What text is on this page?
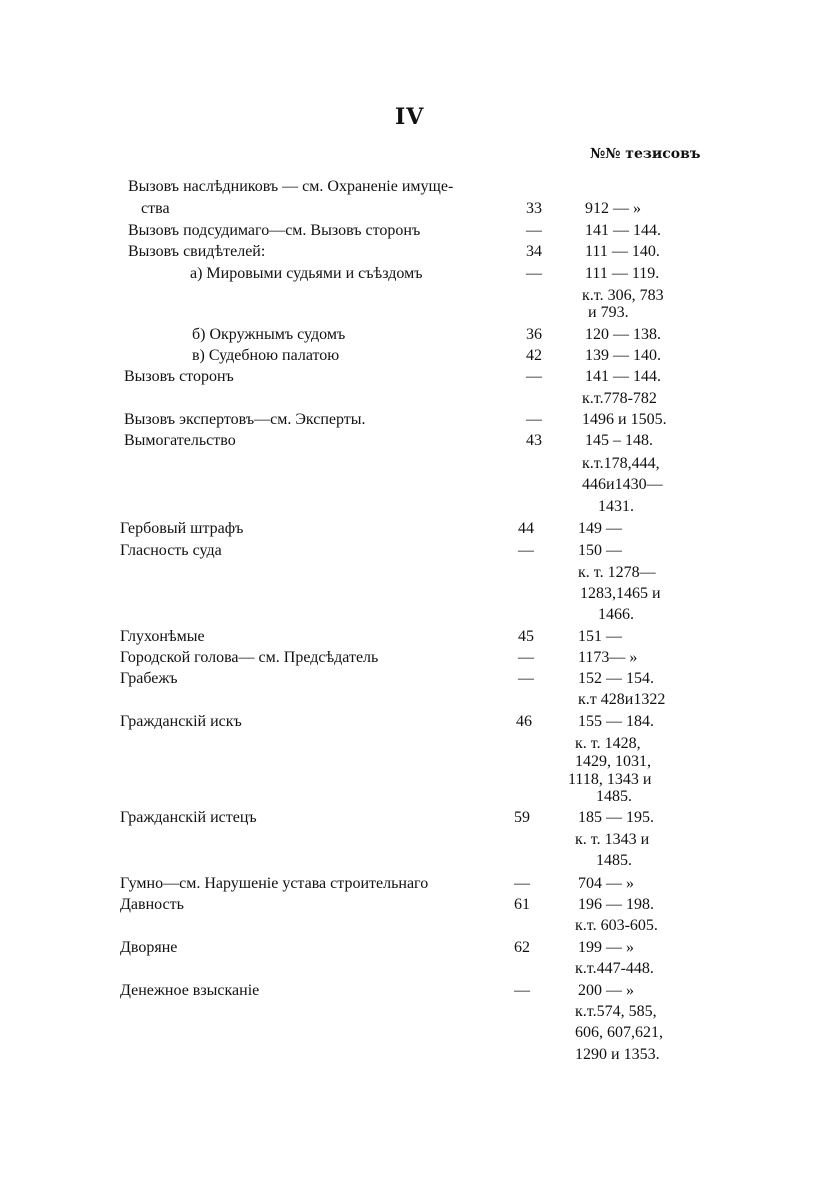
IV
№№ тезисовъ
Вызовъ наслѣдниковъ — см. Охраненіе имуще-
ства	33	912 — »
Вызовъ подсудимаго—см. Вызовъ сторонъ	—	141 — 144.
Вызовъ свидѣтелей:	34	111 — 140.
а) Мировыми судьями и съѣздомъ	—	111 — 119.
к.т. 306, 783
и 793.
б) Окружнымъ судомъ	36	120 — 138.
в) Судебною палатою	42	139 — 140.
Вызовъ сторонъ	—	141 — 144.
к.т.778-782
Вызовъ экспертовъ—см. Эксперты.	—	1496 и 1505.
Вымогательство	43	145 – 148.
к.т.178,444,
446и1430—
1431.
Гербовый штрафъ	44	149 —
Гласность суда	—	150 —
к. т. 1278—
1283,1465 и
1466.
Глухонѣмые	45	151 —
Городской голова— см. Предсѣдатель	—	1173— »
Грабежъ	—	152 — 154.
к.т 428и1322
Гражданскій искъ	46	155 — 184.
к. т. 1428,
1429, 1031,
1118, 1343 и
1485.
Гражданскій истецъ	59	185 — 195.
к. т. 1343 и
1485.
Гумно—см. Нарушеніе устава строительнаго	—	704 — »
Давность	61	196 — 198.
к.т. 603-605.
Дворяне	62	199 — »
к.т.447-448.
Денежное взысканіе	—	200 — »
к.т.574, 585,
606, 607,621,
1290 и 1353.
